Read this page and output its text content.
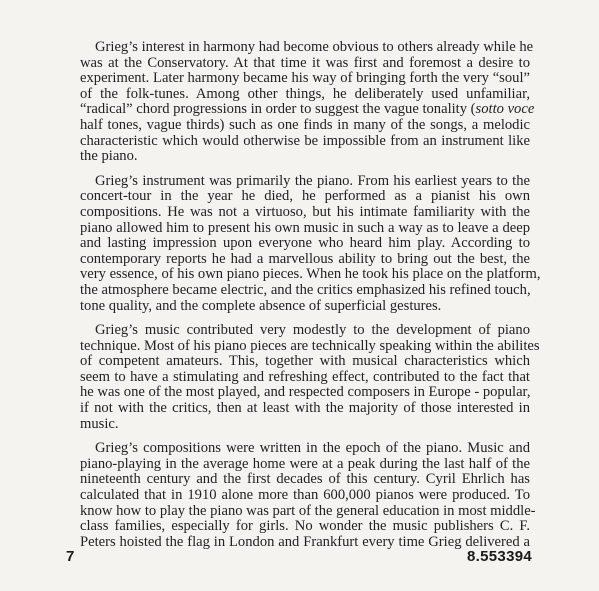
Grieg’s interest in harmony had become obvious to others already while he
was at the Conservatory. At that time it was first and foremost a desire to
experiment. Later harmony became his way of bringing forth the very “soul”
of the folk-tunes. Among other things, he deliberately used unfamiliar,
“radical” chord progressions in order to suggest the vague tonality (sotto voce
half tones, vague thirds) such as one finds in many of the songs, a melodic
characteristic which would otherwise be impossible from an instrument like
the piano.

Grieg’s instrument was primarily the piano. From his earliest years to the
concert-tour in the year he died, he performed as a pianist his own
compositions. He was not a virtuoso, but his intimate familiarity with the
piano allowed him to present his own music in such a way as to leave a deep
and lasting impression upon everyone who heard him play. According to
contemporary reports he had a marvellous ability to bring out the best, the
very essence, of his own piano pieces. When he took his place on the platform,
the atmosphere became electric, and the critics emphasized his refined touch,
tone quality, and the complete absence of superficial gestures.

Grieg’s music contributed very modestly to the development of piano
technique. Most of his piano pieces are technically speaking within the abilites
of competent amateurs. This, together with musical characteristics which
seem to have a stimulating and refreshing effect, contributed to the fact that
he was one of the most played, and respected composers in Europe - popular,
if not with the critics, then at least with the majority of those interested in
music.

Grieg’s compositions were written in the epoch of the piano. Music and
piano-playing in the average home were at a peak during the last half of the
nineteenth century and the first decades of this century. Cyril Ehrlich has
calculated that in 1910 alone more than 600,000 pianos were produced. To
know how to play the piano was part of the general education in most middle-
class families, especially for girls. No wonder the music publishers C. F.
Peters hoisted the flag in London and Frankfurt every time Grieg delivered a

7	8.553394
